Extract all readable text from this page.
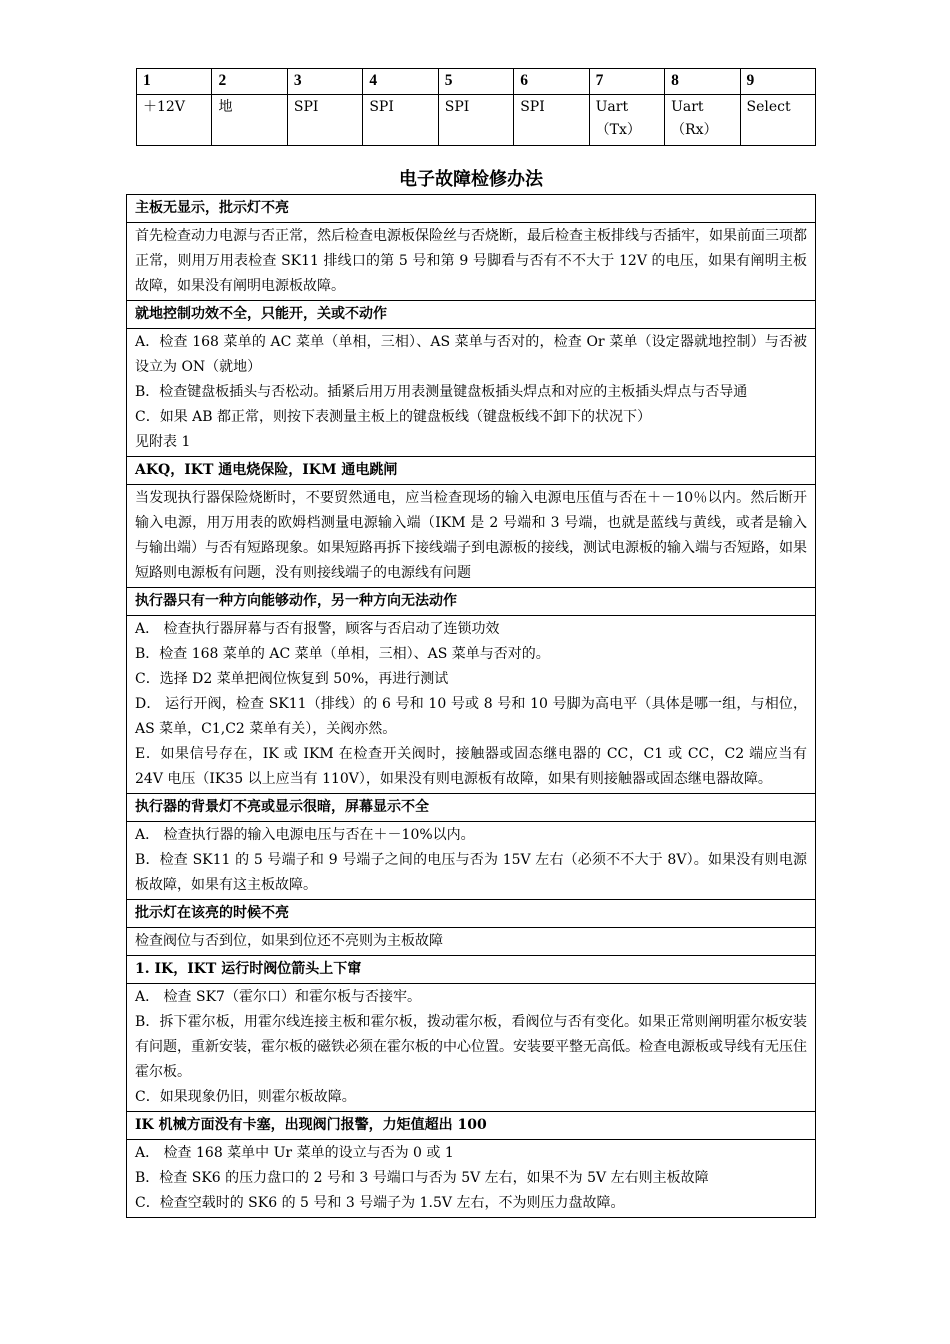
1	2	3	4	5	6	7	8	9
＋12V	地	SPI	SPI	SPI	SPI	Uart（Tx）	Uart（Rx）	Select
电子故障检修办法
主板无显示，批示灯不亮

首先检查动力电源与否正常，然后检查电源板保险丝与否烧断，最后检查主板排线与否插牢，如果前面三项都正常，则用万用表检查 SK11 排线口的第 5 号和第 9 号脚看与否有不不大于 12V 的电压，如果有阐明主板故障，如果没有阐明电源板故障。

就地控制功效不全，只能开，关或不动作

A．检查 168 菜单的 AC 菜单（单相，三相）、AS 菜单与否对的，检查 Or 菜单（设定器就地控制）与否被设立为 ON（就地）
B．检查键盘板插头与否松动。插紧后用万用表测量键盘板插头焊点和对应的主板插头焊点与否导通
C．如果 AB 都正常，则按下表测量主板上的键盘板线（键盘板线不卸下的状况下）
见附表 1

AKQ，IKT 通电烧保险，IKM 通电跳闸

当发现执行器保险烧断时，不要贸然通电，应当检查现场的输入电源电压值与否在＋－10％以内。然后断开输入电源，用万用表的欧姆档测量电源输入端（IKM 是 2 号端和 3 号端，也就是蓝线与黄线，或者是输入与输出端）与否有短路现象。如果短路再拆下接线端子到电源板的接线，测试电源板的输入端与否短路，如果短路则电源板有问题，没有则接线端子的电源线有问题

执行器只有一种方向能够动作，另一种方向无法动作

A． 检查执行器屏幕与否有报警，顾客与否启动了连锁功效
B．检查 168 菜单的 AC 菜单（单相，三相）、AS 菜单与否对的。
C．选择 D2 菜单把阀位恢复到 50%，再进行测试
D． 运行开阀，检查 SK11（排线）的 6 号和 10 号或 8 号和 10 号脚为高电平（具体是哪一组，与相位，AS 菜单，C1,C2 菜单有关），关阀亦然。
E．如果信号存在，IK 或 IKM 在检查开关阀时，接触器或固态继电器的 CC，C1 或 CC，C2 端应当有 24V 电压（IK35 以上应当有 110V），如果没有则电源板有故障，如果有则接触器或固态继电器故障。

执行器的背景灯不亮或显示很暗，屏幕显示不全

A． 检查执行器的输入电源电压与否在＋－10%以内。
B．检查 SK11 的 5 号端子和 9 号端子之间的电压与否为 15V 左右（必须不不大于 8V）。如果没有则电源板故障，如果有这主板故障。

批示灯在该亮的时候不亮

检查阀位与否到位，如果到位还不亮则为主板故障

1. IK，IKT 运行时阀位箭头上下窜

A． 检查 SK7（霍尔口）和霍尔板与否接牢。
B．拆下霍尔板，用霍尔线连接主板和霍尔板，拨动霍尔板，看阀位与否有变化。如果正常则阐明霍尔板安装有问题，重新安装，霍尔板的磁铁必须在霍尔板的中心位置。安装要平整无高低。检查电源板或导线有无压住霍尔板。
C．如果现象仍旧，则霍尔板故障。

IK 机械方面没有卡塞，出现阀门报警，力矩值超出 100

A． 检查 168 菜单中 Ur 菜单的设立与否为 0 或 1
B．检查 SK6 的压力盘口的 2 号和 3 号端口与否为 5V 左右，如果不为 5V 左右则主板故障
C．检查空载时的 SK6 的 5 号和 3 号端子为 1.5V 左右，不为则压力盘故障。
